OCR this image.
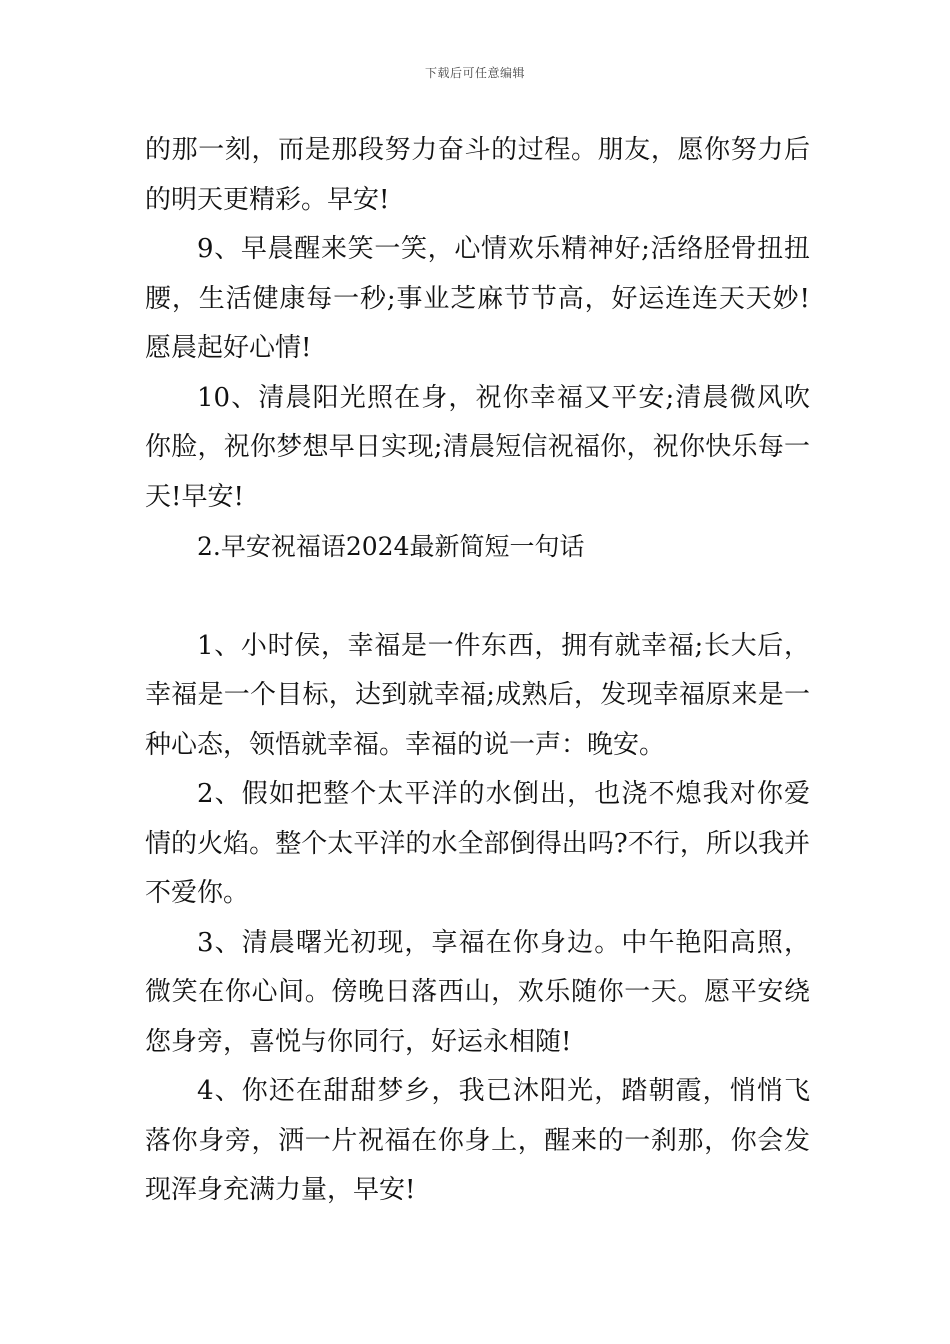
下载后可任意编辑

的那一刻，而是那段努力奋斗的过程。朋友，愿你努力后的明天更精彩。早安!

9、早晨醒来笑一笑，心情欢乐精神好;活络胫骨扭扭腰，生活健康每一秒;事业芝麻节节高，好运连连天天妙!愿晨起好心情!

10、清晨阳光照在身，祝你幸福又平安;清晨微风吹你脸，祝你梦想早日实现;清晨短信祝福你，祝你快乐每一天!早安!

2.早安祝福语2024最新简短一句话

1、小时侯，幸福是一件东西，拥有就幸福;长大后，幸福是一个目标，达到就幸福;成熟后，发现幸福原来是一种心态，领悟就幸福。幸福的说一声：晚安。

2、假如把整个太平洋的水倒出，也浇不熄我对你爱情的火焰。整个太平洋的水全部倒得出吗?不行，所以我并不爱你。

3、清晨曙光初现，享福在你身边。中午艳阳高照，微笑在你心间。傍晚日落西山，欢乐随你一天。愿平安绕您身旁，喜悦与你同行，好运永相随!

4、你还在甜甜梦乡，我已沐阳光，踏朝霞，悄悄飞落你身旁，洒一片祝福在你身上，醒来的一刹那，你会发现浑身充满力量，早安!
